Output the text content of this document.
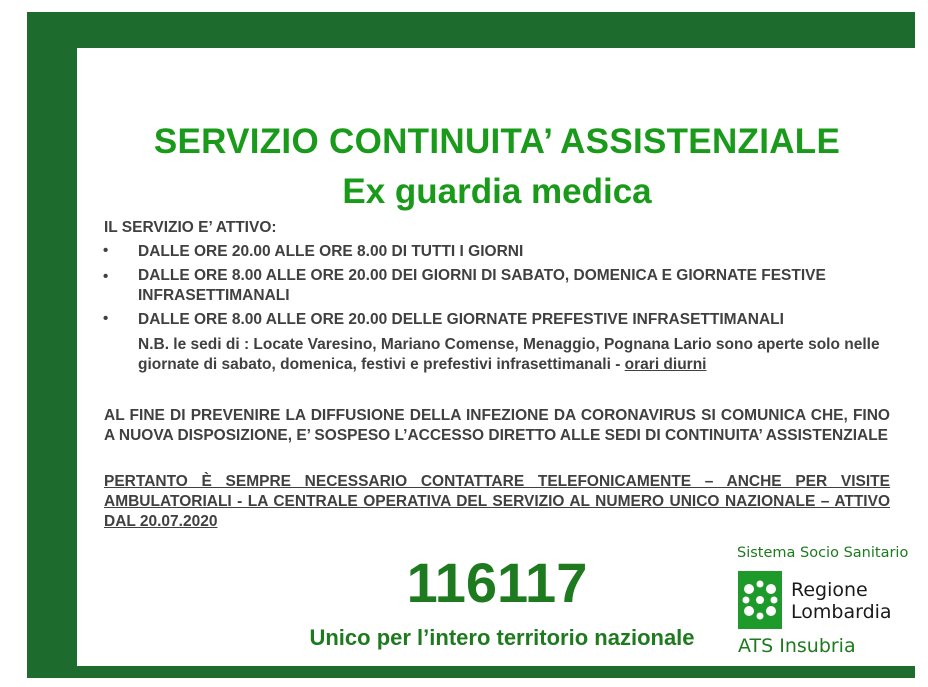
SERVIZIO CONTINUITA’ ASSISTENZIALE
Ex guardia medica
IL SERVIZIO E’ ATTIVO:
• DALLE ORE 20.00 ALLE ORE 8.00 DI TUTTI I GIORNI
• DALLE ORE 8.00 ALLE ORE 20.00 DEI GIORNI DI SABATO, DOMENICA E GIORNATE FESTIVE INFRASETTIMANALI
• DALLE ORE 8.00 ALLE ORE 20.00 DELLE GIORNATE PREFESTIVE INFRASETTIMANALI
N.B. le sedi di : Locate Varesino, Mariano Comense, Menaggio, Pognana Lario sono aperte solo nelle giornate di sabato, domenica, festivi e prefestivi infrasettimanali - orari diurni
AL FINE DI PREVENIRE LA DIFFUSIONE DELLA INFEZIONE DA CORONAVIRUS SI COMUNICA CHE, FINO A NUOVA DISPOSIZIONE, E’ SOSPESO L’ACCESSO DIRETTO ALLE SEDI DI CONTINUITA’ ASSISTENZIALE
PERTANTO È SEMPRE NECESSARIO CONTATTARE TELEFONICAMENTE – ANCHE PER VISITE AMBULATORIALI - LA CENTRALE OPERATIVA DEL SERVIZIO AL NUMERO UNICO NAZIONALE – ATTIVO DAL 20.07.2020
116117
Unico per l’intero territorio nazionale
Sistema Socio Sanitario
Regione
Lombardia
ATS Insubria
